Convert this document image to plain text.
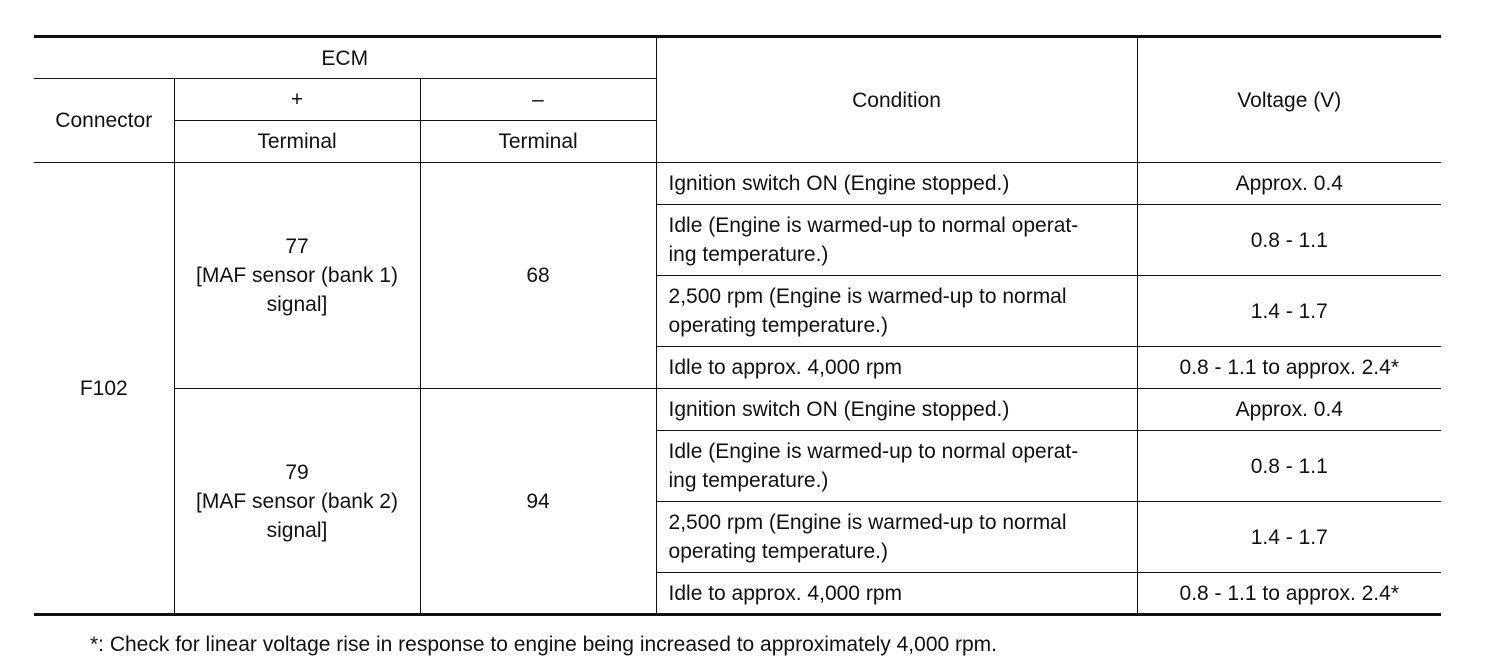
ECM			Condition	Voltage (V)
Connector	+	–		
	Terminal	Terminal		
F102	77
[MAF sensor (bank 1)
signal]	68	Ignition switch ON (Engine stopped.)	Approx. 0.4

			Idle (Engine is warmed-up to normal operat-
ing temperature.)	0.8 - 1.1

			2,500 rpm (Engine is warmed-up to normal
operating temperature.)	1.4 - 1.7

			Idle to approx. 4,000 rpm	0.8 - 1.1 to approx. 2.4*

	79
[MAF sensor (bank 2)
signal]	94	Ignition switch ON (Engine stopped.)	Approx. 0.4

			Idle (Engine is warmed-up to normal operat-
ing temperature.)	0.8 - 1.1

			2,500 rpm (Engine is warmed-up to normal
operating temperature.)	1.4 - 1.7

			Idle to approx. 4,000 rpm	0.8 - 1.1 to approx. 2.4*
*: Check for linear voltage rise in response to engine being increased to approximately 4,000 rpm.
